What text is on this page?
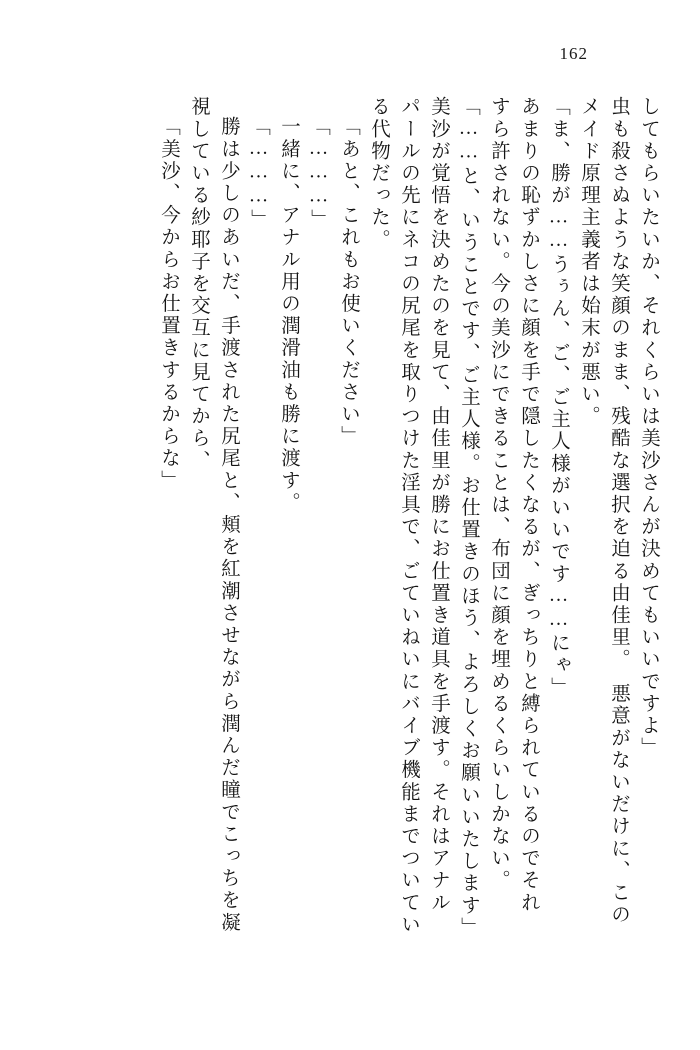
162
してもらいたいか、それくらいは美沙さんが決めてもいいですよ」
虫も殺さぬような笑顔のまま、残酷な選択を迫る由佳里。　悪意がないだけに、この
メイド原理主義者は始末が悪い。
「ま、勝が……うぅん、ご、ご主人様がいいです……にゃ」
あまりの恥ずかしさに顔を手で隠したくなるが、ぎっちりと縛られているのでそれ
すら許されない。今の美沙にできることは、布団に顔を埋めるくらいしかない。
「……と、いうことです、ご主人様。お仕置きのほう、よろしくお願いいたします」
美沙が覚悟を決めたのを見て、由佳里が勝にお仕置き道具を手渡す。それはアナル
パールの先にネコの尻尾を取りつけた淫具で、ごていねいにバイブ機能までついてい
る代物だった。
「あと、これもお使いください」
「………」
一緒に、アナル用の潤滑油も勝に渡す。
「………」
勝は少しのあいだ、手渡された尻尾と、頬を紅潮させながら潤んだ瞳でこっちを凝
視している紗耶子を交互に見てから、
「美沙、今からお仕置きするからな」
